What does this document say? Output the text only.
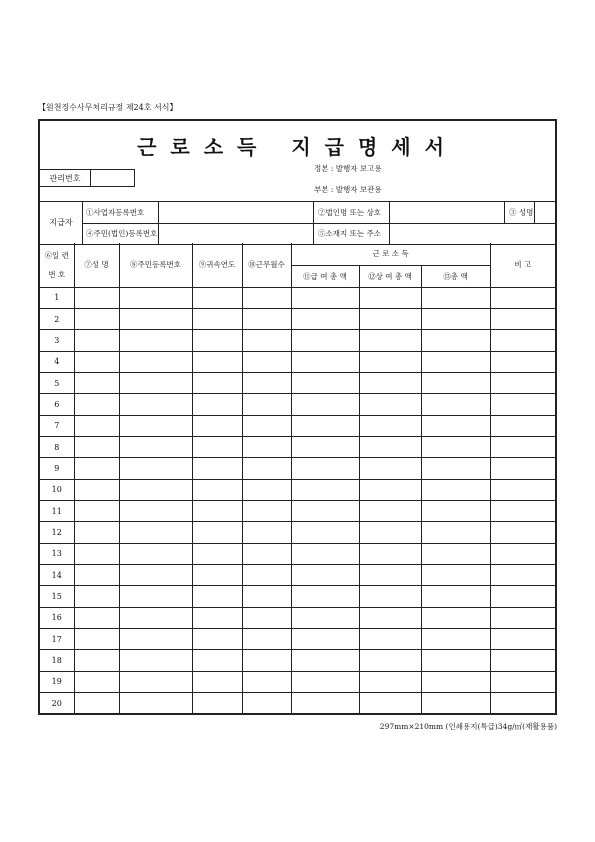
【원천징수사무처리규정 제24호 서식】
근로소득 지급명세서
관리번호
정본 : 발행자 보고용
부본 : 발행자 보관용
지급자
①사업자등록번호	②법인명 또는 상호	③ 성명
④주민(법인)등록번호	⑤소재지 또는 주소
⑥일 련
번 호	⑦성 명	⑧주민등록번호	⑨귀속연도	⑩근무월수	근 로 소 득			비 고
					⑪급 여 총 액	⑫상 여 총 액	⑬총 액	
1								
2								
3								
4								
5								
6								
7								
8								
9								
10								
11								
12								
13								
14								
15								
16								
17								
18								
19								
20								
297mm×210mm (인쇄용지(특급)34g/㎡(재활용품)
